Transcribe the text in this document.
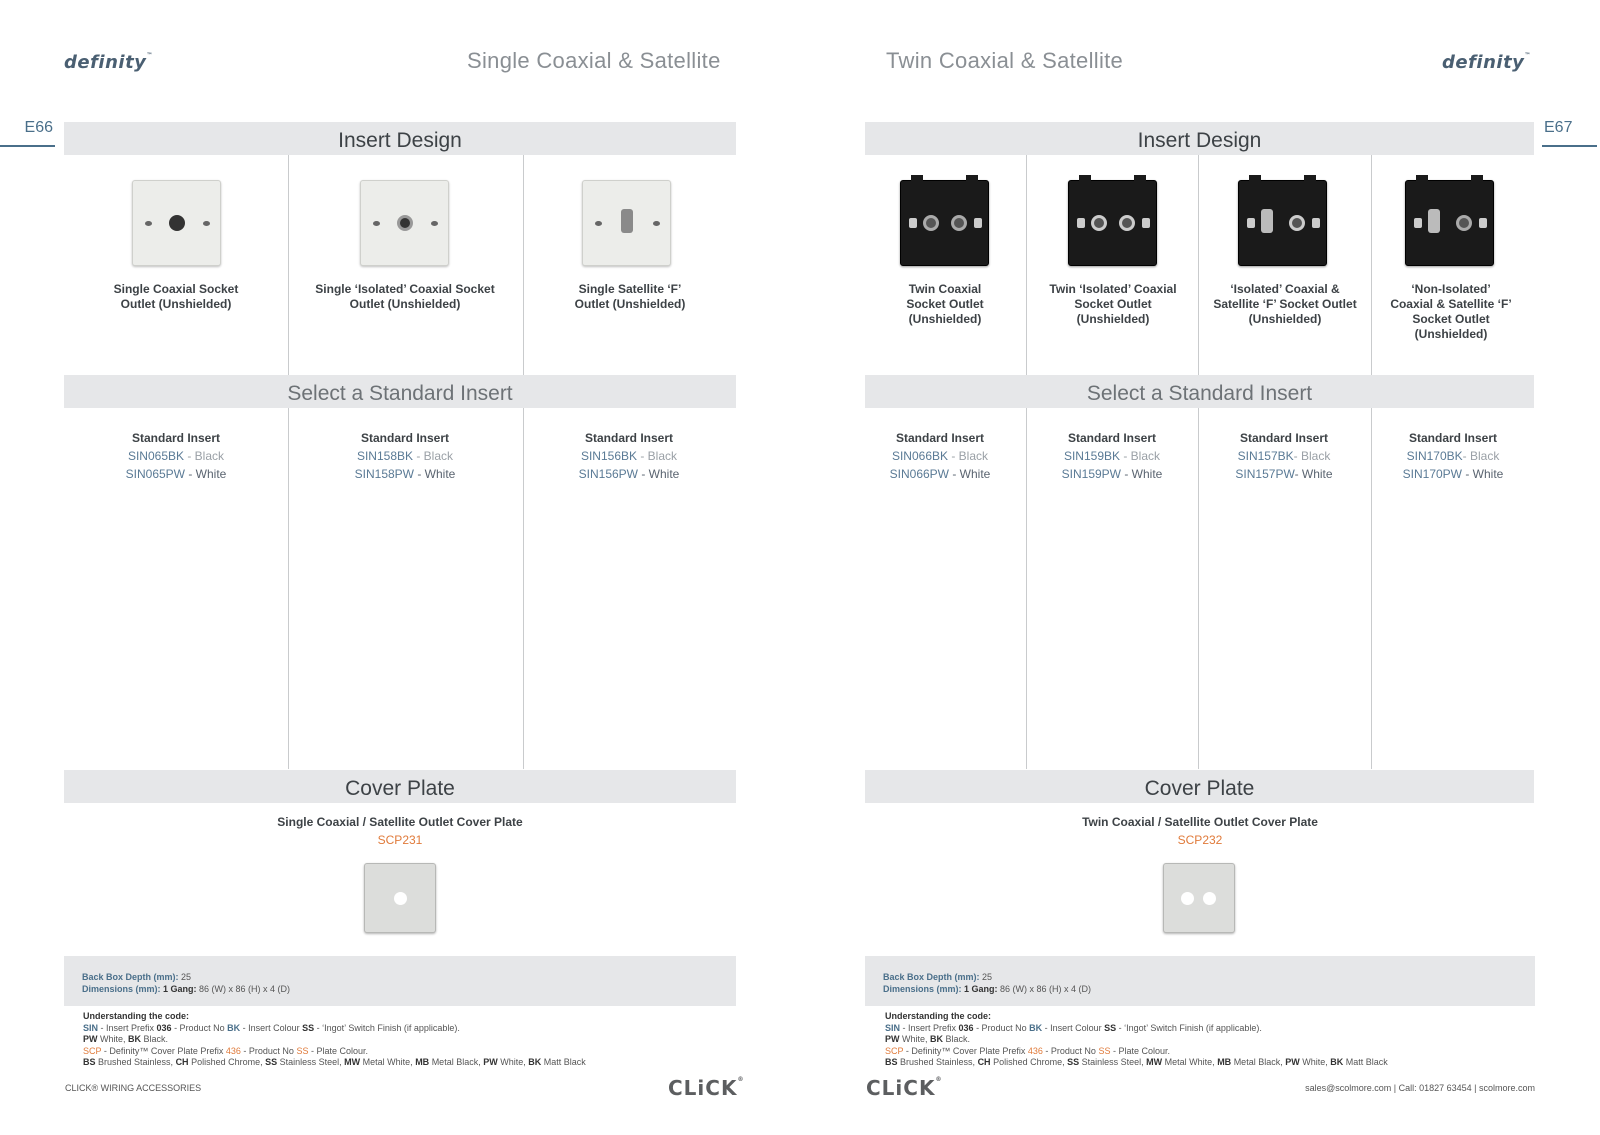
definity™	Single Coaxial & Satellite
E66
Insert Design
Single Coaxial Socket
Outlet (Unshielded)
Single ‘Isolated’ Coaxial Socket
Outlet (Unshielded)
Single Satellite ‘F’
Outlet (Unshielded)
Select a Standard Insert
Standard Insert
SIN065BK - Black
SIN065PW - White
Standard Insert
SIN158BK - Black
SIN158PW - White
Standard Insert
SIN156BK - Black
SIN156PW - White
Cover Plate
Single Coaxial / Satellite Outlet Cover Plate
SCP231
Back Box Depth (mm): 25
Dimensions (mm): 1 Gang: 86 (W) x 86 (H) x 4 (D)
Understanding the code:
SIN - Insert Prefix 036 - Product No BK - Insert Colour SS - ‘Ingot’ Switch Finish (if applicable).
PW White, BK Black.
SCP - Definity™ Cover Plate Prefix 436 - Product No SS - Plate Colour.
BS Brushed Stainless, CH Polished Chrome, SS Stainless Steel, MW Metal White, MB Metal Black, PW White, BK Matt Black
CLICK® WIRING ACCESSORIES	CLiCK®
definity™
Twin Coaxial & Satellite
E67
Insert Design
Twin Coaxial
Socket Outlet
(Unshielded)
Twin ‘Isolated’ Coaxial
Socket Outlet
(Unshielded)
‘Isolated’ Coaxial &
Satellite ‘F’ Socket Outlet
(Unshielded)
‘Non-Isolated’
Coaxial & Satellite ‘F’
Socket Outlet
(Unshielded)
Select a Standard Insert
Standard Insert
SIN066BK - Black
SIN066PW - White
Standard Insert
SIN159BK - Black
SIN159PW - White
Standard Insert
SIN157BK- Black
SIN157PW- White
Standard Insert
SIN170BK- Black
SIN170PW - White
Cover Plate
Twin Coaxial / Satellite Outlet Cover Plate
SCP232
Back Box Depth (mm): 25
Dimensions (mm): 1 Gang: 86 (W) x 86 (H) x 4 (D)
Understanding the code:
SIN - Insert Prefix 036 - Product No BK - Insert Colour SS - ‘Ingot’ Switch Finish (if applicable).
PW White, BK Black.
SCP - Definity™ Cover Plate Prefix 436 - Product No SS - Plate Colour.
BS Brushed Stainless, CH Polished Chrome, SS Stainless Steel, MW Metal White, MB Metal Black, PW White, BK Matt Black
CLiCK®
sales@scolmore.com | Call: 01827 63454 | scolmore.com
